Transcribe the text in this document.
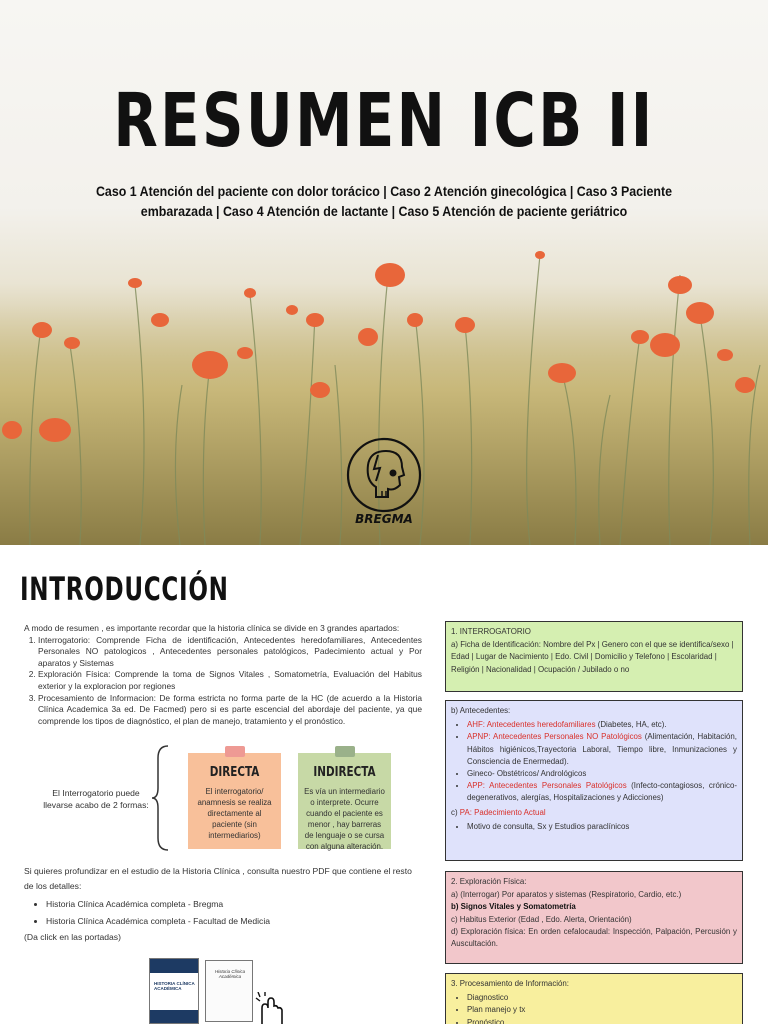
RESUMEN ICB II
Caso 1 Atención del paciente con dolor torácico | Caso 2 Atención ginecológica | Caso 3 Paciente embarazada | Caso 4 Atención de lactante | Caso 5 Atención de paciente geriátrico
BREGMA
INTRODUCCIÓN
A modo de resumen , es importante recordar que la historia clínica se divide en 3 grandes apartados:
1. Interrogatorio: Comprende Ficha de identificación, Antecedentes heredofamiliares, Antecedentes Personales NO patologicos , Antecedentes personales patológicos, Padecimiento actual y Por aparatos y Sistemas
2. Exploración Física: Comprende la toma de Signos Vitales , Somatometría, Evaluación del Habitus exterior y la exploracion por regiones
3. Procesamiento de Informacion: De forma estricta no forma parte de la HC (de acuerdo a la Historia Clínica Academica 3a ed. De Facmed) pero si es parte escencial del abordaje del paciente, ya que comprende los tipos de diagnóstico, el plan de manejo, tratamiento y el pronóstico.
El Interrogatorio puede llevarse acabo de 2 formas:
DIRECTA
El interrogatorio/ anamnesis se realiza directamente al paciente (sin intermediarios)
INDIRECTA
Es vía un intermediario o interprete. Ocurre cuando el paciente es menor , hay barreras de lenguaje o se cursa con alguna alteración.
Si quieres profundizar en el estudio de la Historia Clínica , consulta nuestro PDF que contiene el resto de los detalles:
• Historia Clínica Académica completa - Bregma
• Historia Clínica Académica completa - Facultad de Medicia
(Da click en las portadas)
HISTORIA CLÍNICA ACADÉMICA
Historia Clínica Académica
1. INTERROGATORIO
a) Ficha de Identificación: Nombre del Px | Genero con el que se identifica/sexo | Edad | Lugar de Nacimiento | Edo. Civil | Domicilio y Telefono | Escolaridad | Religión | Nacionalidad | Ocupación / Jubilado o no
b) Antecedentes:
• AHF: Antecedentes heredofamiliares (Diabetes, HA, etc).
• APNP: Antecedentes Personales NO Patológicos (Alimentación, Habitación, Hábitos higiénicos,Trayectoria Laboral, Tiempo libre, Inmunizaciones y Consciencia de Enermedad).
• Gineco- Obstétricos/ Andrológicos
• APP: Antecedentes Personales Patológicos (Infecto-contagiosos, crónico-degenerativos, alergías, Hospitalizaciones y Adicciones)
c) PA: Padecimiento Actual
• Motivo de consulta, Sx y Estudios paraclínicos
2. Exploración Física:
a) (Interrogar) Por aparatos y sistemas (Respiratorio, Cardio, etc.)
b) Signos Vitales y Somatometría
c) Habitus Exterior (Edad , Edo. Alerta, Orientación)
d) Exploración física: En orden cefalocaudal: Inspección, Palpación, Percusión y Auscultación.
3. Procesamiento de Información:
• Diagnostico
• Plan manejo y tx
• Pronóstico
